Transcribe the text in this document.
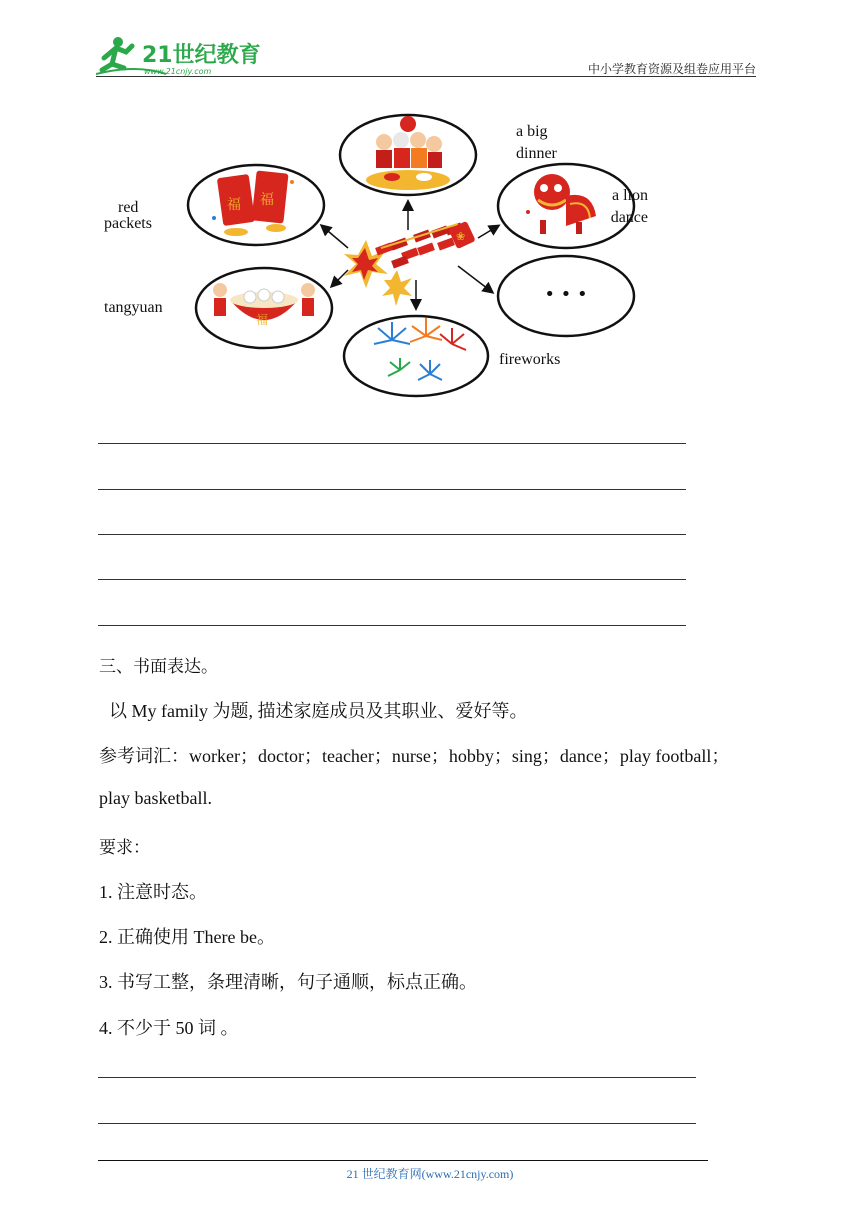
21世纪教育
www.21cnjy.com	中小学教育资源及组卷应用平台
❀
福 福
red
packets
a big
dinner
a lion
dance
福
tangyuan
• • •
fireworks
三、书面表达。
以 My family 为题, 描述家庭成员及其职业、爱好等。
参考词汇：worker；doctor；teacher；nurse；hobby；sing；dance；play football；
play basketball.
要求：
1. 注意时态。
2. 正确使用 There be。
3. 书写工整，条理清晰，句子通顺，标点正确。
4. 不少于 50 词 。
21 世纪教育网(www.21cnjy.com)
